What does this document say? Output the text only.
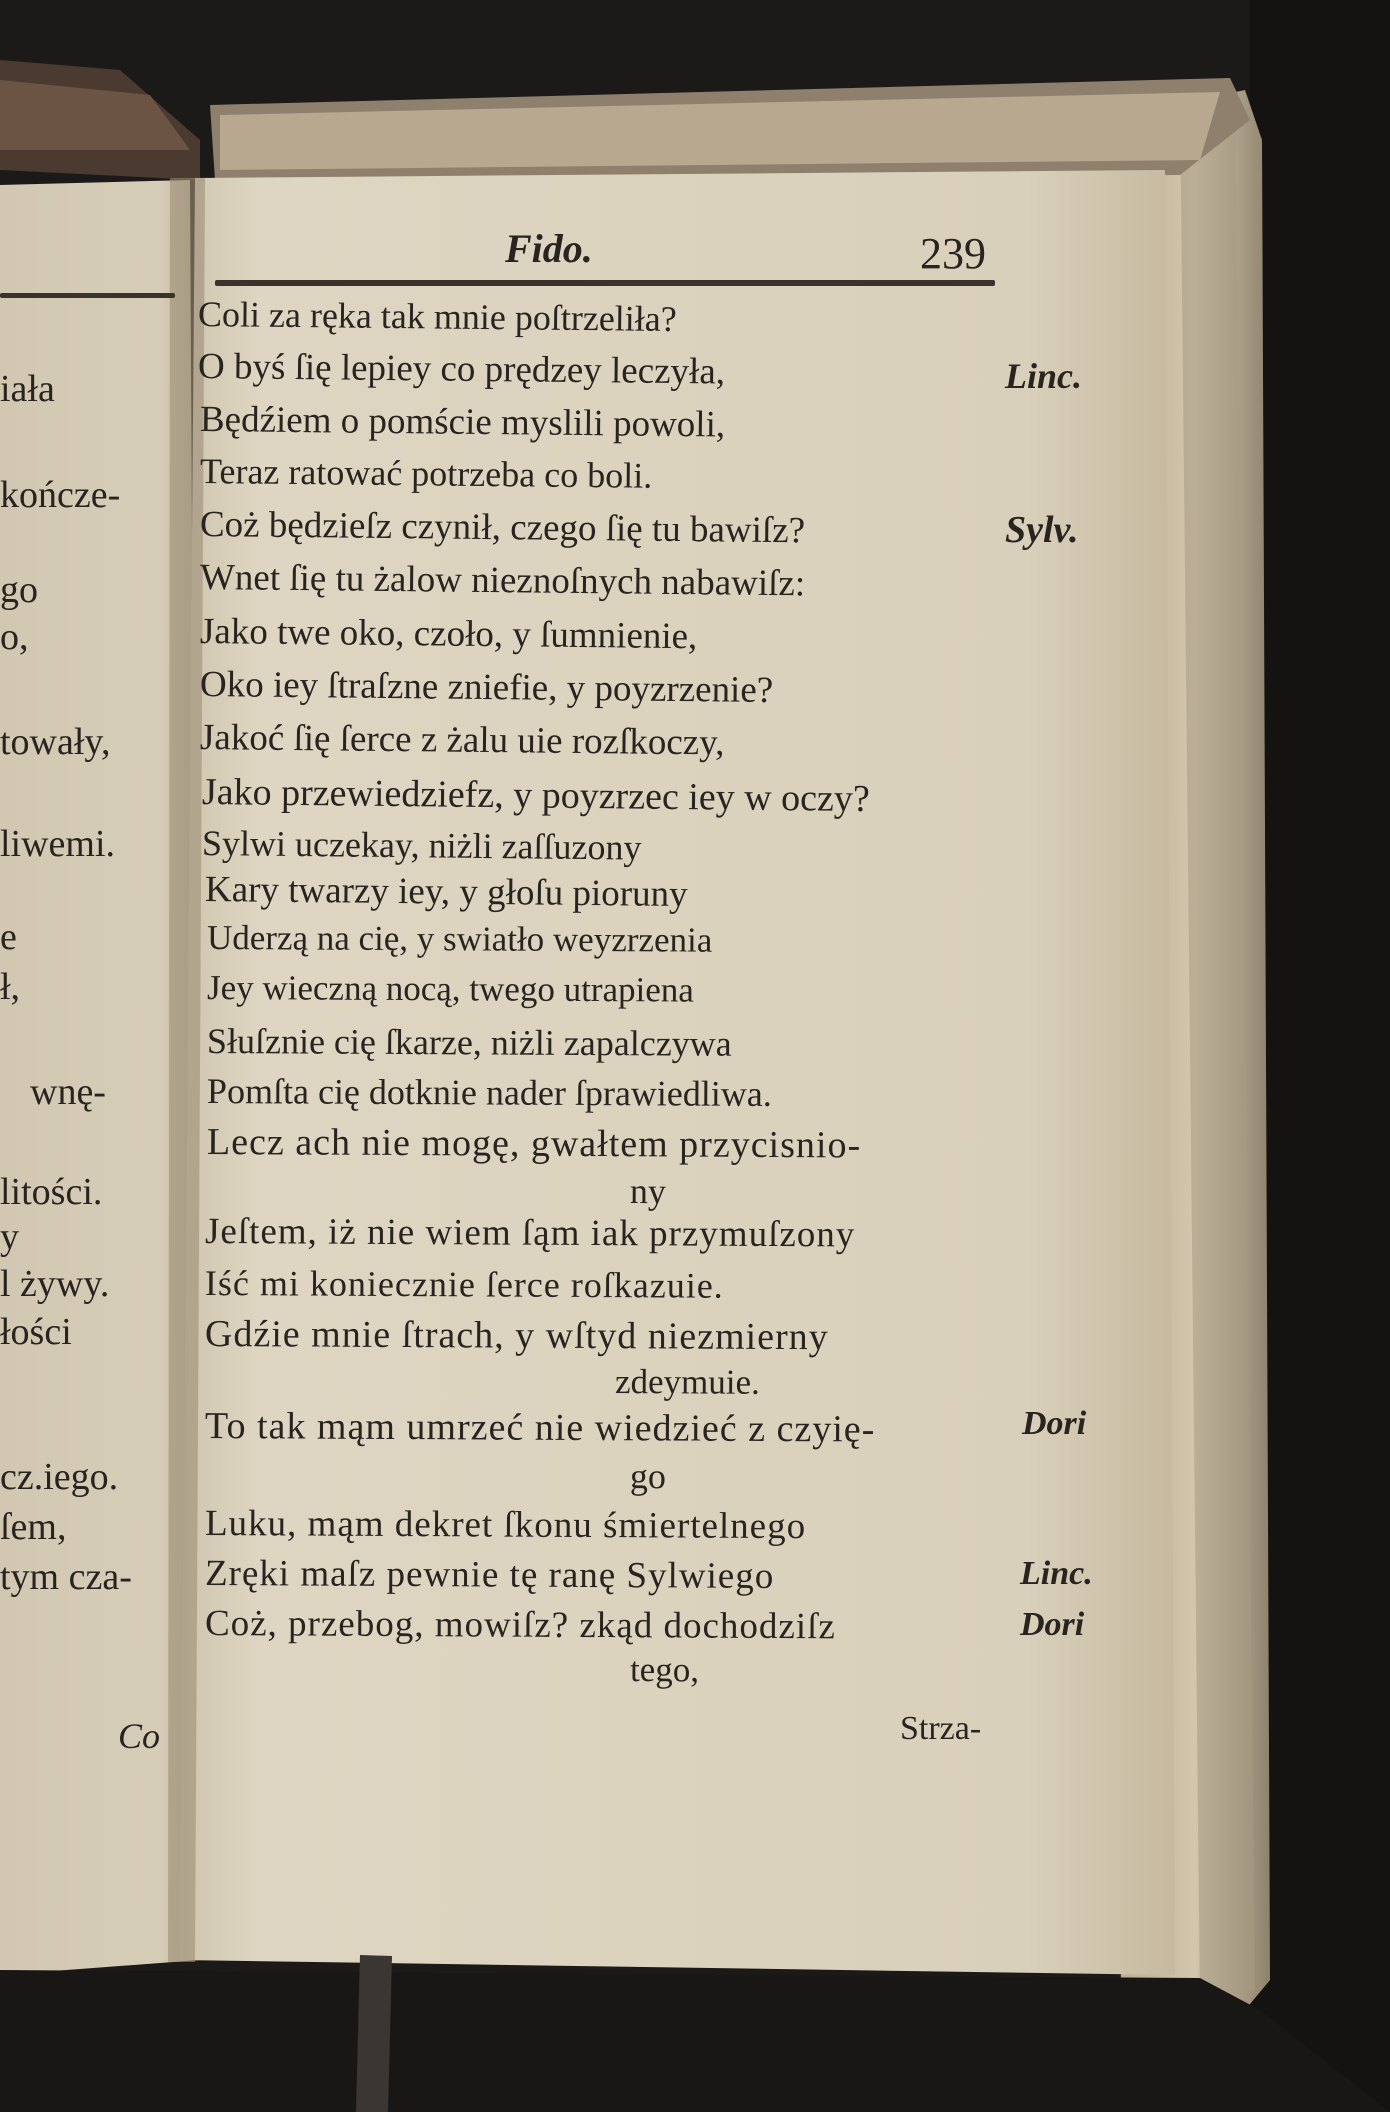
Fido.	239

Coli za ręka tak mnie poſtrzeliła?

O byś ſię lepiey co prędzey leczyła,

Będźiem o pomście myslili powoli,

Teraz ratować potrzeba co boli.

Coż będzieſz czynił, czego ſię tu bawiſz?

Wnet ſię tu żalow nieznoſnych nabawiſz:

Jako twe oko, czoło, y ſumnienie,

Oko iey ſtraſzne zniefie, y poyzrzenie?

Jakoć ſię ſerce z żalu uie rozſkoczy,

Jako przewiedziefz, y poyzrzec iey w oczy?

Sylwi uczekay, niżli zaſſuzony

Kary twarzy iey, y głoſu pioruny

Uderzą na cię, y swiatło weyzrzenia

Jey wieczną nocą, twego utrapiena

Słuſznie cię ſkarze, niżli zapalczywa

Pomſta cię dotknie nader ſprawiedliwa.

Lecz ach nie mogę, gwałtem przycisnio-

ny

Jeſtem, iż nie wiem ſąm iak przymuſzony

Iść mi koniecznie ſerce roſkazuie.

Gdźie mnie ſtrach, y wſtyd niezmierny

zdeymuie.

To tak mąm umrzeć nie wiedzieć z czyię-

go

Luku, mąm dekret ſkonu śmiertelnego

Zręki maſz pewnie tę ranę Sylwiego

Coż, przebog, mowiſz? zkąd dochodziſz

tego,

Linc.

Sylv.

Dori

Linc.

Dori

Strza-

iała

kończe-

go

o,

towały,

liwemi.

e

ł,

wnę-

litości.

y

l żywy.

łości

cz.iego.

ſem,

tym cza-

Co
